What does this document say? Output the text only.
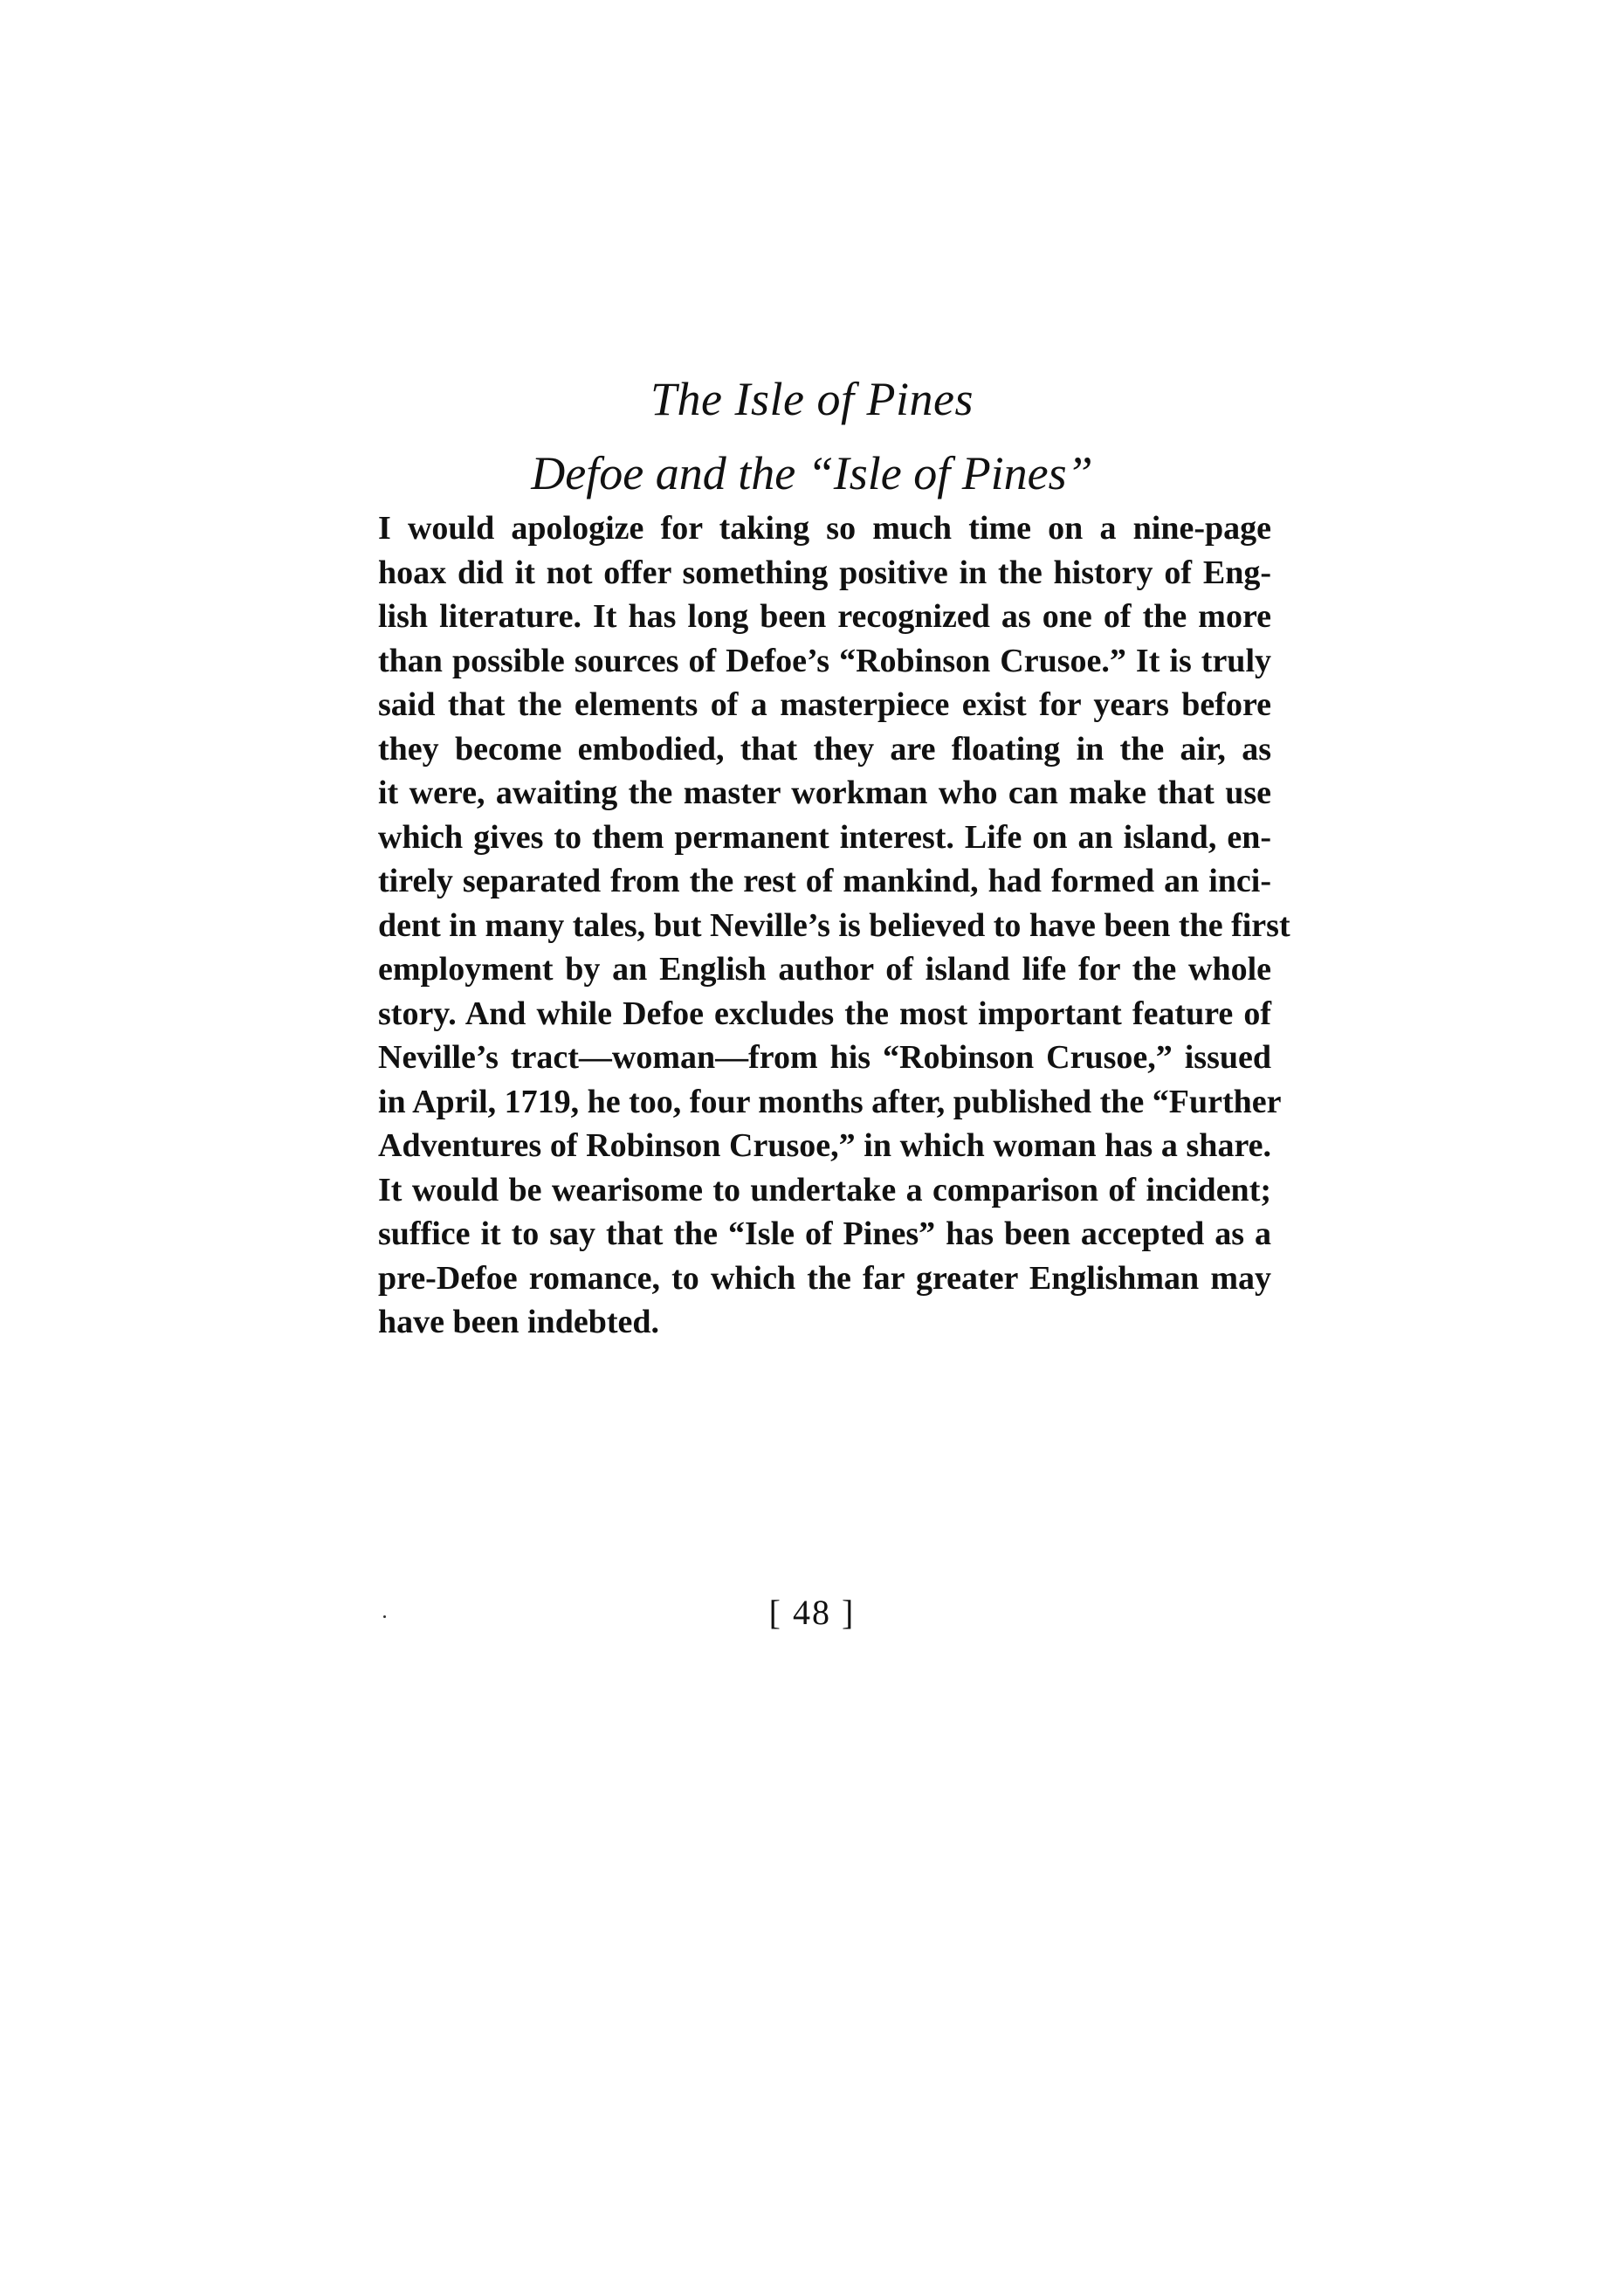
The Isle of Pines
Defoe and the “Isle of Pines”
I would apologize for taking so much time on a nine-page
hoax did it not offer something positive in the history of Eng-
lish literature. It has long been recognized as one of the more
than possible sources of Defoe’s “Robinson Crusoe.” It is truly
said that the elements of a masterpiece exist for years before
they become embodied, that they are floating in the air, as
it were, awaiting the master workman who can make that use
which gives to them permanent interest. Life on an island, en-
tirely separated from the rest of mankind, had formed an inci-
dent in many tales, but Neville’s is believed to have been the first
employment by an English author of island life for the whole
story. And while Defoe excludes the most important feature of
Neville’s tract—woman—from his “Robinson Crusoe,” issued
in April, 1719, he too, four months after, published the “Further
Adventures of Robinson Crusoe,” in which woman has a share.
It would be wearisome to undertake a comparison of incident;
suffice it to say that the “Isle of Pines” has been accepted as a
pre-Defoe romance, to which the far greater Englishman may
have been indebted.
[ 48 ]
